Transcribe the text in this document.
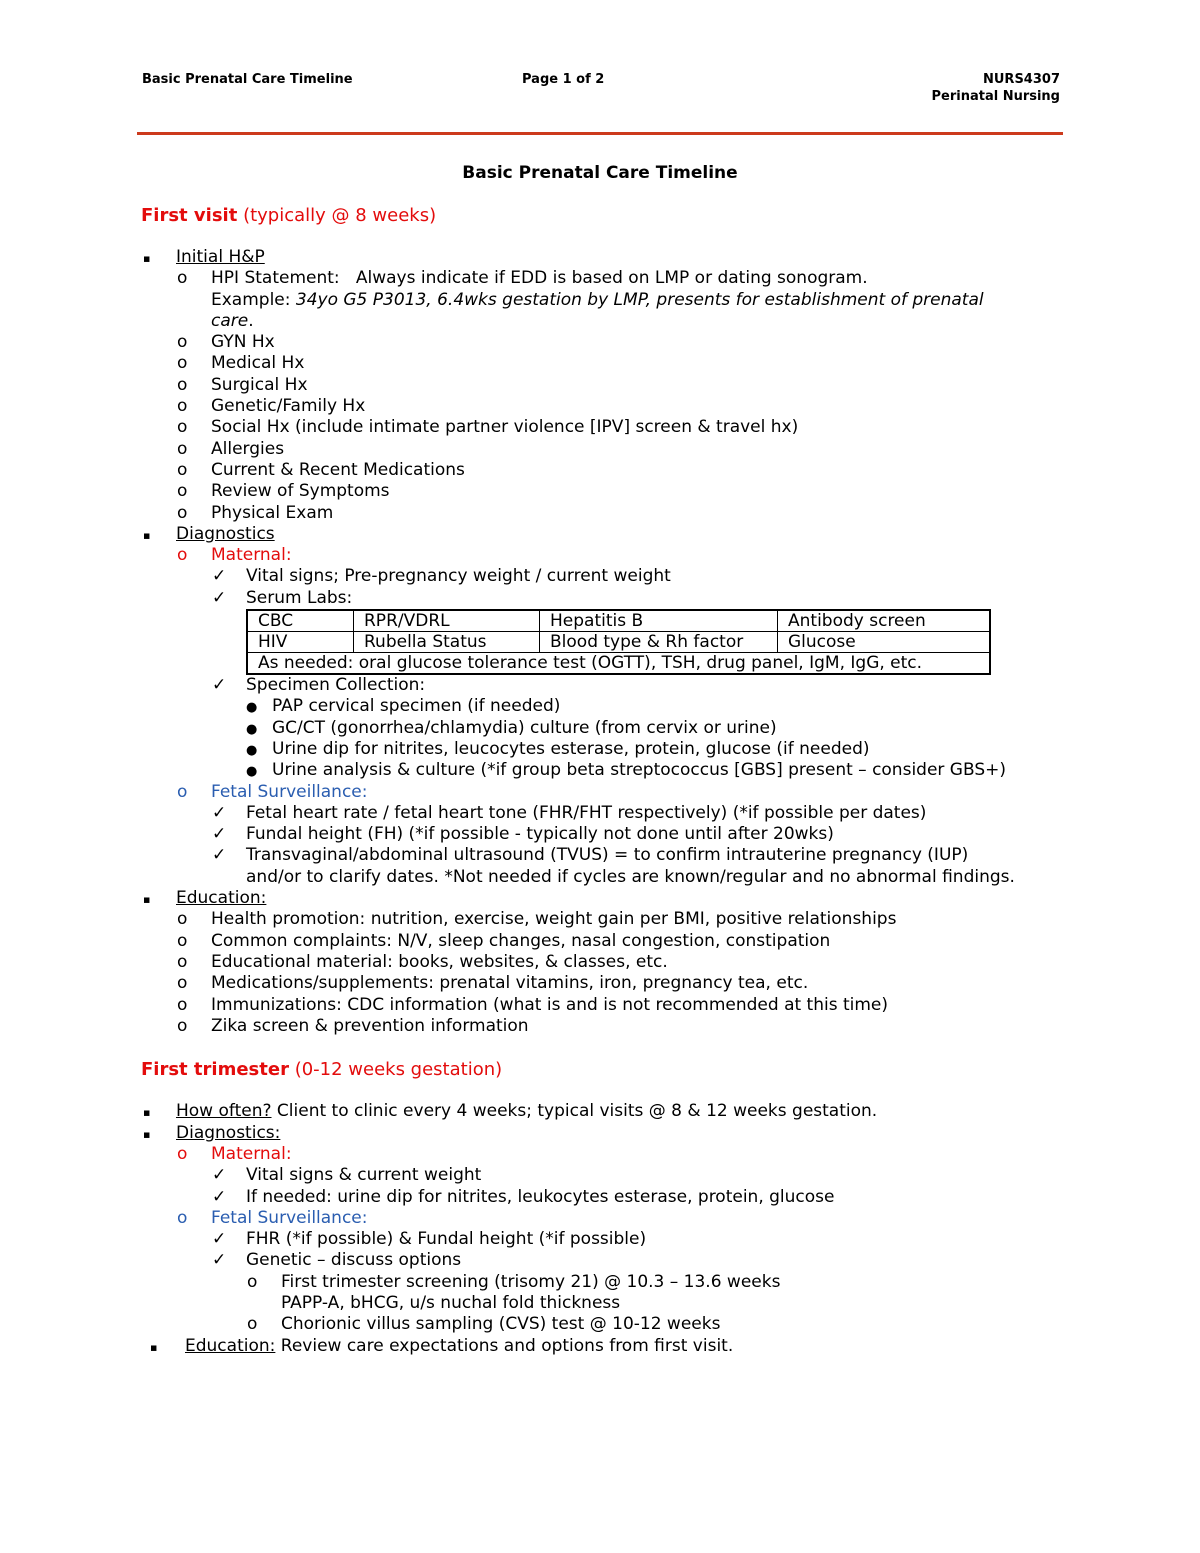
Basic Prenatal Care Timeline	Page 1 of 2	NURS4307
Perinatal Nursing
Basic Prenatal Care Timeline
First visit (typically @ 8 weeks)
▪ Initial H&P
o HPI Statement: Always indicate if EDD is based on LMP or dating sonogram.
Example: 34yo G5 P3013, 6.4wks gestation by LMP, presents for establishment of prenatal
care.
o GYN Hx
o Medical Hx
o Surgical Hx
o Genetic/Family Hx
o Social Hx (include intimate partner violence [IPV] screen & travel hx)
o Allergies
o Current & Recent Medications
o Review of Symptoms
o Physical Exam
▪ Diagnostics
o Maternal:
✓ Vital signs; Pre-pregnancy weight / current weight
✓ Serum Labs:
CBC	RPR/VDRL	Hepatitis B	Antibody screen
HIV	Rubella Status	Blood type & Rh factor	Glucose
As needed: oral glucose tolerance test (OGTT), TSH, drug panel, IgM, IgG, etc.			
✓ Specimen Collection:
● PAP cervical specimen (if needed)
● GC/CT (gonorrhea/chlamydia) culture (from cervix or urine)
● Urine dip for nitrites, leucocytes esterase, protein, glucose (if needed)
● Urine analysis & culture (*if group beta streptococcus [GBS] present – consider GBS+)
o Fetal Surveillance:
✓ Fetal heart rate / fetal heart tone (FHR/FHT respectively) (*if possible per dates)
✓ Fundal height (FH) (*if possible - typically not done until after 20wks)
✓ Transvaginal/abdominal ultrasound (TVUS) = to confirm intrauterine pregnancy (IUP)
and/or to clarify dates. *Not needed if cycles are known/regular and no abnormal findings.
▪ Education:
o Health promotion: nutrition, exercise, weight gain per BMI, positive relationships
o Common complaints: N/V, sleep changes, nasal congestion, constipation
o Educational material: books, websites, & classes, etc.
o Medications/supplements: prenatal vitamins, iron, pregnancy tea, etc.
o Immunizations: CDC information (what is and is not recommended at this time)
o Zika screen & prevention information
First trimester (0-12 weeks gestation)
▪ How often? Client to clinic every 4 weeks; typical visits @ 8 & 12 weeks gestation.
▪ Diagnostics:
o Maternal:
✓ Vital signs & current weight
✓ If needed: urine dip for nitrites, leukocytes esterase, protein, glucose
o Fetal Surveillance:
✓ FHR (*if possible) & Fundal height (*if possible)
✓ Genetic – discuss options
o First trimester screening (trisomy 21) @ 10.3 – 13.6 weeks
PAPP-A, bHCG, u/s nuchal fold thickness
o Chorionic villus sampling (CVS) test @ 10-12 weeks
▪ Education: Review care expectations and options from first visit.
